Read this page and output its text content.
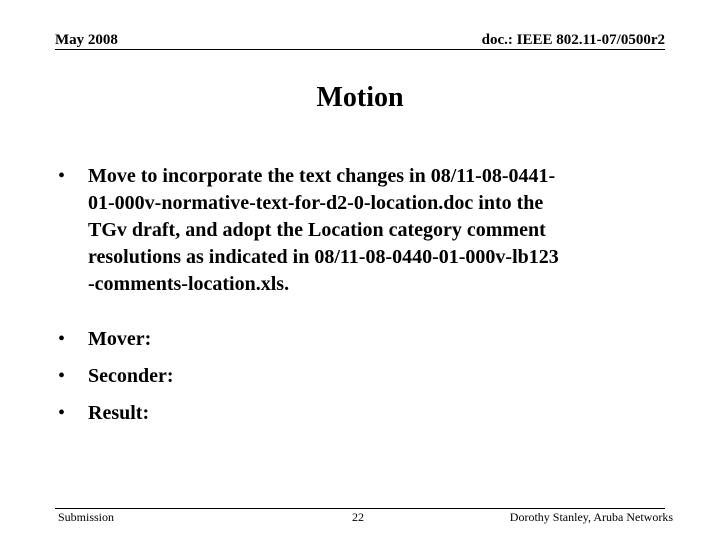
May 2008	doc.: IEEE 802.11-07/0500r2
Motion
• Move to incorporate the text changes in 08/11-08-0441-
01-000v-normative-text-for-d2-0-location.doc into the
TGv draft, and adopt the Location category comment
resolutions as indicated in 08/11-08-0440-01-000v-lb123
-comments-location.xls.
• Mover:
• Seconder:
• Result:
Submission	22	Dorothy Stanley, Aruba Networks
